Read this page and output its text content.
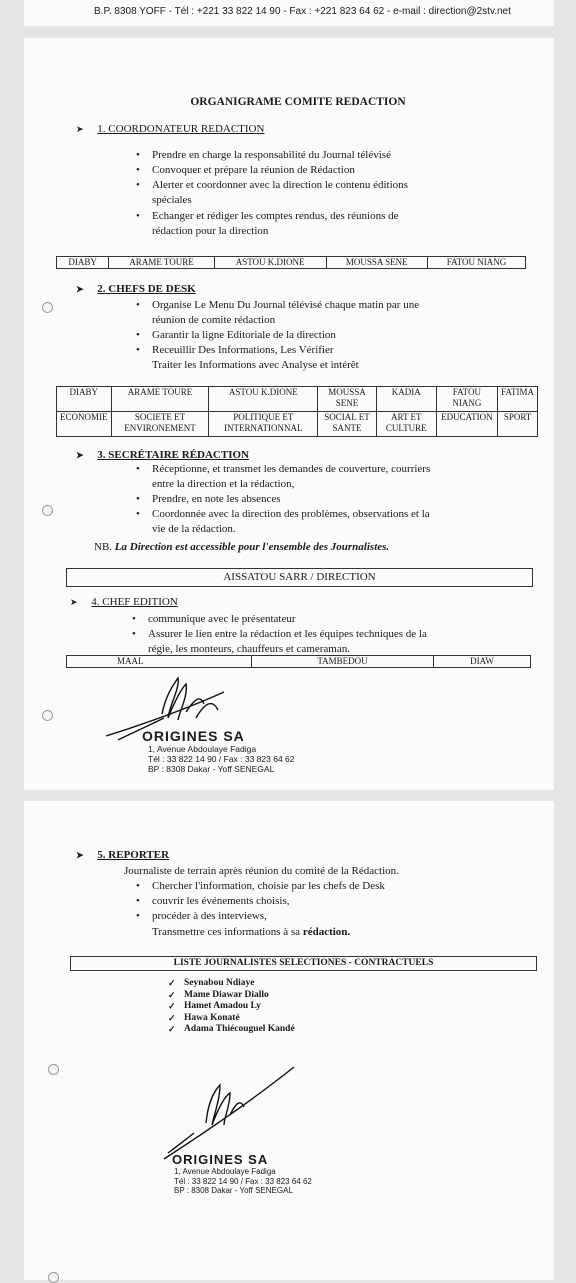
B.P. 8308 YOFF - Tél : +221 33 822 14 90 - Fax : +221 823 64 62 - e-mail : direction@2stv.net
ORGANIGRAME COMITE REDACTION
➤ 1. COORDONATEUR REDACTION
• Prendre en charge la responsabilité du Journal télévisé
• Convoquer et prépare la réunion de Rédaction
• Alerter et coordonner avec la direction le contenu éditions
spéciales
• Echanger et rédiger les comptes rendus, des réunions de
rédaction pour la direction
DIABY	ARAME TOURE	ASTOU K.DIONE	MOUSSA SENE	FATOU NIANG
➤ 2. CHEFS DE DESK
• Organise Le Menu Du Journal télévisé chaque matin par une
réunion de comite rédaction
• Garantir la ligne Editoriale de la direction
• Receuillir Des Informations, Les Vérifier
Traiter les Informations avec Analyse et intérêt
DIABY	ARAME TOURE	ASTOU K.DIONE	MOUSSA SENE	KADIA	FATOU NIANG	FATIMA
ECONOMIE	SOCIETE ET ENVIRONEMENT	POLITIQUE ET INTERNATIONNAL	SOCIAL ET SANTE	ART ET CULTURE	EDUCATION	SPORT
➤ 3. SECRÉTAIRE RÉDACTION
• Réceptionne, et transmet les demandes de couverture, courriers
entre la direction et la rédaction,
• Prendre, en note les absences
• Coordonnée avec la direction des problèmes, observations et la
vie de la rédaction.
NB. La Direction est accessible pour l'ensemble des Journalistes.
AISSATOU SARR / DIRECTION
➤ 4. CHEF EDITION
• communique avec le présentateur
• Assurer le lien entre la rédaction et les équipes techniques de la
régie, les monteurs, chauffeurs et cameraman.
MAAL	TAMBEDOU	DIAW
ORIGINES SA
1, Avenue Abdoulaye Fadiga
Tél : 33 822 14 90 / Fax : 33 823 64 62
BP : 8308 Dakar - Yoff SENEGAL
➤ 5. REPORTER
Journaliste de terrain après réunion du comité de la Rédaction.
• Chercher l'information, choisie par les chefs de Desk
• couvrir les événements choisis,
• procéder à des interviews,
Transmettre ces informations à sa rédaction.
LISTE JOURNALISTES SELECTIONES - CONTRACTUELS
✓ Seynabou Ndiaye
✓ Mame Diawar Diallo
✓ Hamet Amadou Ly
✓ Hawa Konaté
✓ Adama Thiécouguel Kandé
ORIGINES SA
1, Avenue Abdoulaye Fadiga
Tél : 33 822 14 90 / Fax : 33 823 64 62
BP : 8308 Dakar - Yoff SENEGAL
